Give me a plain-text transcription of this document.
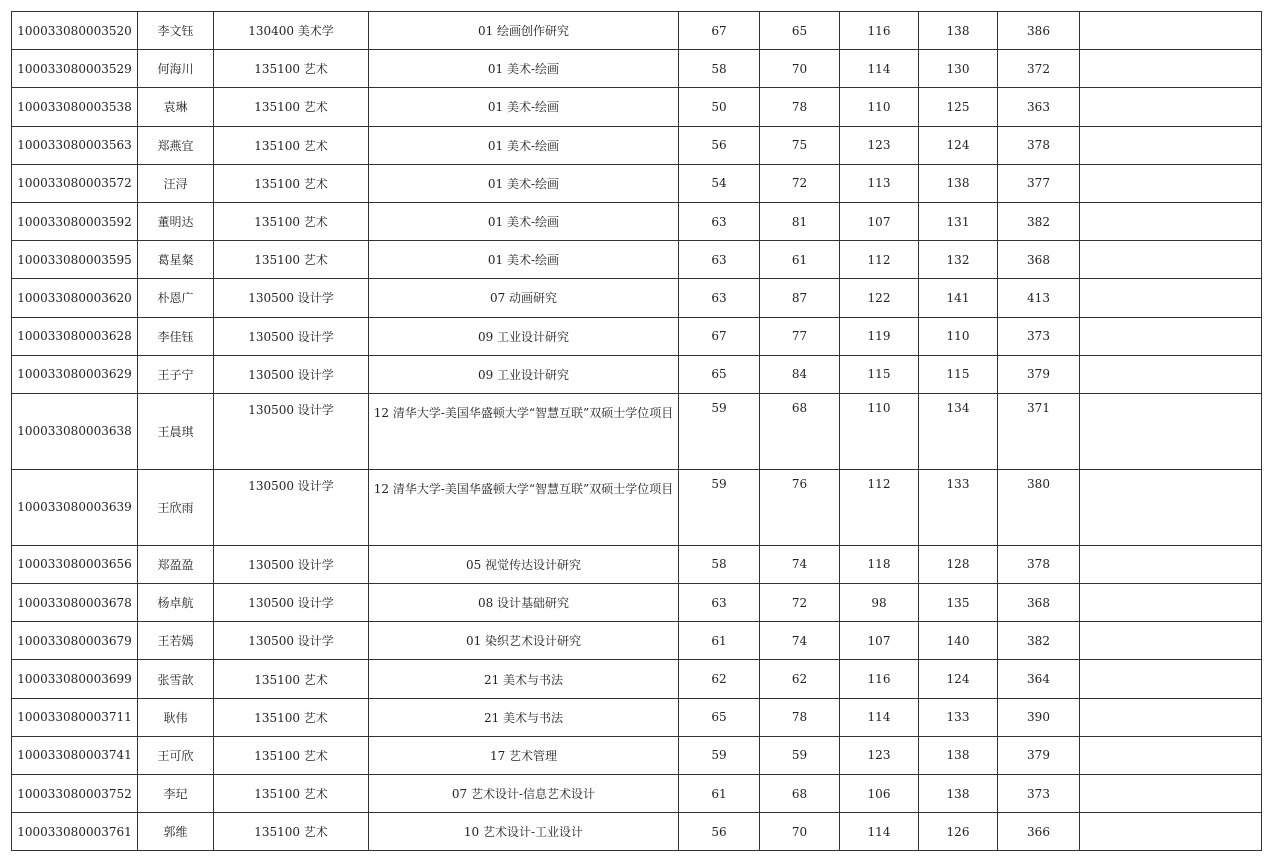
100033080003520	李文钰	130400 美术学	01 绘画创作研究	67	65	116	138	386	
100033080003529	何海川	135100 艺术	01 美术-绘画	58	70	114	130	372	
100033080003538	袁琳	135100 艺术	01 美术-绘画	50	78	110	125	363	
100033080003563	郑燕宜	135100 艺术	01 美术-绘画	56	75	123	124	378	
100033080003572	汪浔	135100 艺术	01 美术-绘画	54	72	113	138	377	
100033080003592	董明达	135100 艺术	01 美术-绘画	63	81	107	131	382	
100033080003595	葛星粲	135100 艺术	01 美术-绘画	63	61	112	132	368	
100033080003620	朴恩广	130500 设计学	07 动画研究	63	87	122	141	413	
100033080003628	李佳钰	130500 设计学	09 工业设计研究	67	77	119	110	373	
100033080003629	王子宁	130500 设计学	09 工业设计研究	65	84	115	115	379	
100033080003638	王晨琪	130500 设计学	12 清华大学-美国华盛顿大学“智慧互联”双硕士学位项目	59	68	110	134	371	
100033080003639	王欣雨	130500 设计学	12 清华大学-美国华盛顿大学“智慧互联”双硕士学位项目	59	76	112	133	380	
100033080003656	郑盈盈	130500 设计学	05 视觉传达设计研究	58	74	118	128	378	
100033080003678	杨卓航	130500 设计学	08 设计基础研究	63	72	98	135	368	
100033080003679	王若嫣	130500 设计学	01 染织艺术设计研究	61	74	107	140	382	
100033080003699	张雪歆	135100 艺术	21 美术与书法	62	62	116	124	364	
100033080003711	耿伟	135100 艺术	21 美术与书法	65	78	114	133	390	
100033080003741	王可欣	135100 艺术	17 艺术管理	59	59	123	138	379	
100033080003752	李玘	135100 艺术	07 艺术设计-信息艺术设计	61	68	106	138	373	
100033080003761	郭维	135100 艺术	10 艺术设计-工业设计	56	70	114	126	366	
